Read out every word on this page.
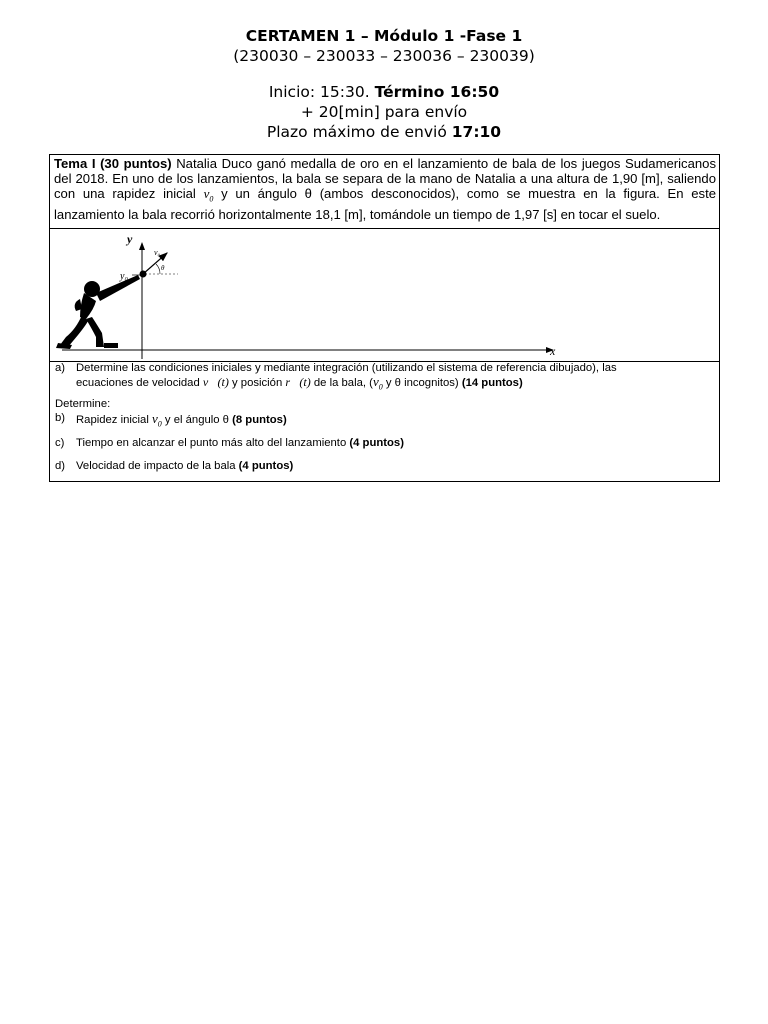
CERTAMEN 1 – Módulo 1 -Fase 1
(230030 – 230033 – 230036 – 230039)
Inicio: 15:30. Término 16:50
+ 20[min] para envío
Plazo máximo de envió 17:10
Tema I (30 puntos) Natalia Duco ganó medalla de oro en el lanzamiento de bala de los juegos Sudamericanos del 2018. En uno de los lanzamientos, la bala se separa de la mano de Natalia a una altura de 1,90 [m], saliendo con una rapidez inicial $v_0$ y un ángulo θ (ambos desconocidos), como se muestra en la figura. En este lanzamiento la bala recorrió horizontalmente 18,1 [m], tomándole un tiempo de 1,97 [s] en tocar el suelo.
x
y
y₀
v₀
θ
a) Determine las condiciones iniciales y mediante integración (utilizando el sistema de referencia dibujado), las
ecuaciones de velocidad v⃗(t) y posición r⃗(t) de la bala, ($v_0$ y θ incognitos) (14 puntos)
Determine:
b) Rapidez inicial $v_0$ y el ángulo θ (8 puntos)
c) Tiempo en alcanzar el punto más alto del lanzamiento (4 puntos)
d) Velocidad de impacto de la bala (4 puntos)
